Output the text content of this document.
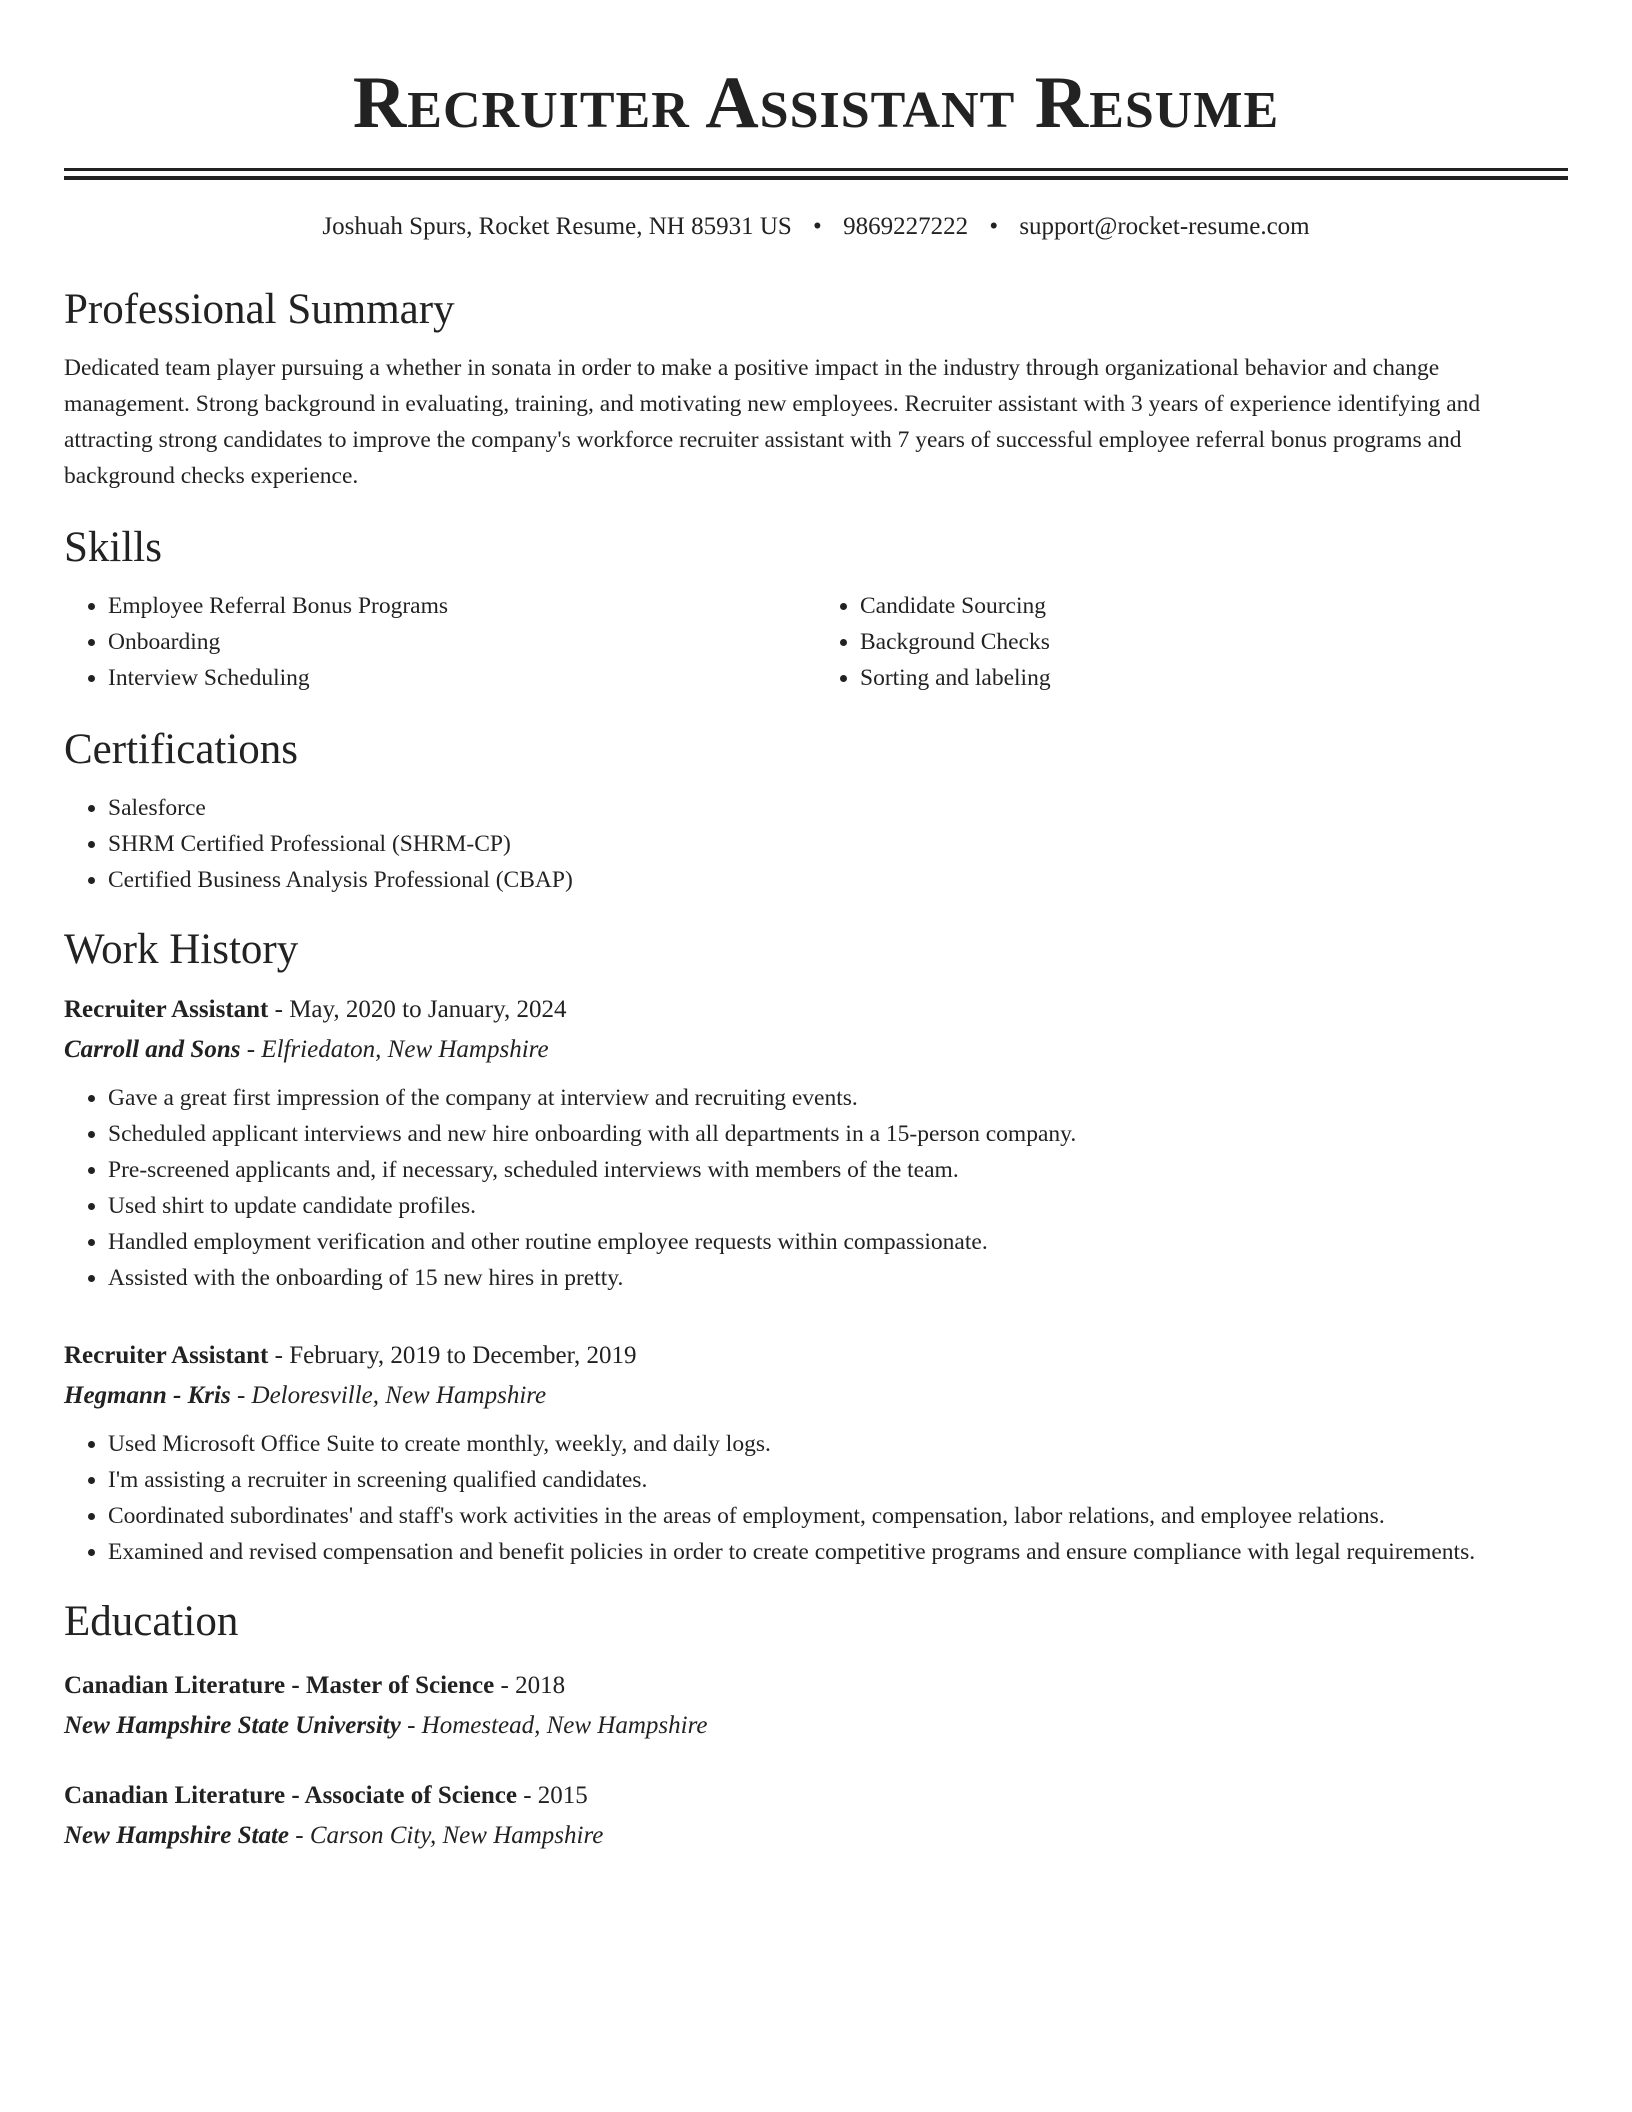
Recruiter Assistant Resume
Joshuah Spurs, Rocket Resume, NH 85931 US • 9869227222 • support@rocket-resume.com
Professional Summary

Dedicated team player pursuing a whether in sonata in order to make a positive impact in the industry through organizational behavior and change management. Strong background in evaluating, training, and motivating new employees. Recruiter assistant with 3 years of experience identifying and attracting strong candidates to improve the company's workforce recruiter assistant with 7 years of successful employee referral bonus programs and background checks experience.

Skills
• Employee Referral Bonus Programs
• Onboarding
• Interview Scheduling
• Candidate Sourcing
• Background Checks
• Sorting and labeling
Certifications
• Salesforce
• SHRM Certified Professional (SHRM-CP)
• Certified Business Analysis Professional (CBAP)
Work History
Recruiter Assistant - May, 2020 to January, 2024
Carroll and Sons - Elfriedaton, New Hampshire
• Gave a great first impression of the company at interview and recruiting events.
• Scheduled applicant interviews and new hire onboarding with all departments in a 15-person company.
• Pre-screened applicants and, if necessary, scheduled interviews with members of the team.
• Used shirt to update candidate profiles.
• Handled employment verification and other routine employee requests within compassionate.
• Assisted with the onboarding of 15 new hires in pretty.
Recruiter Assistant - February, 2019 to December, 2019
Hegmann - Kris - Deloresville, New Hampshire
• Used Microsoft Office Suite to create monthly, weekly, and daily logs.
• I'm assisting a recruiter in screening qualified candidates.
• Coordinated subordinates' and staff's work activities in the areas of employment, compensation, labor relations, and employee relations.
• Examined and revised compensation and benefit policies in order to create competitive programs and ensure compliance with legal requirements.
Education
Canadian Literature - Master of Science - 2018
New Hampshire State University - Homestead, New Hampshire
Canadian Literature - Associate of Science - 2015
New Hampshire State - Carson City, New Hampshire
